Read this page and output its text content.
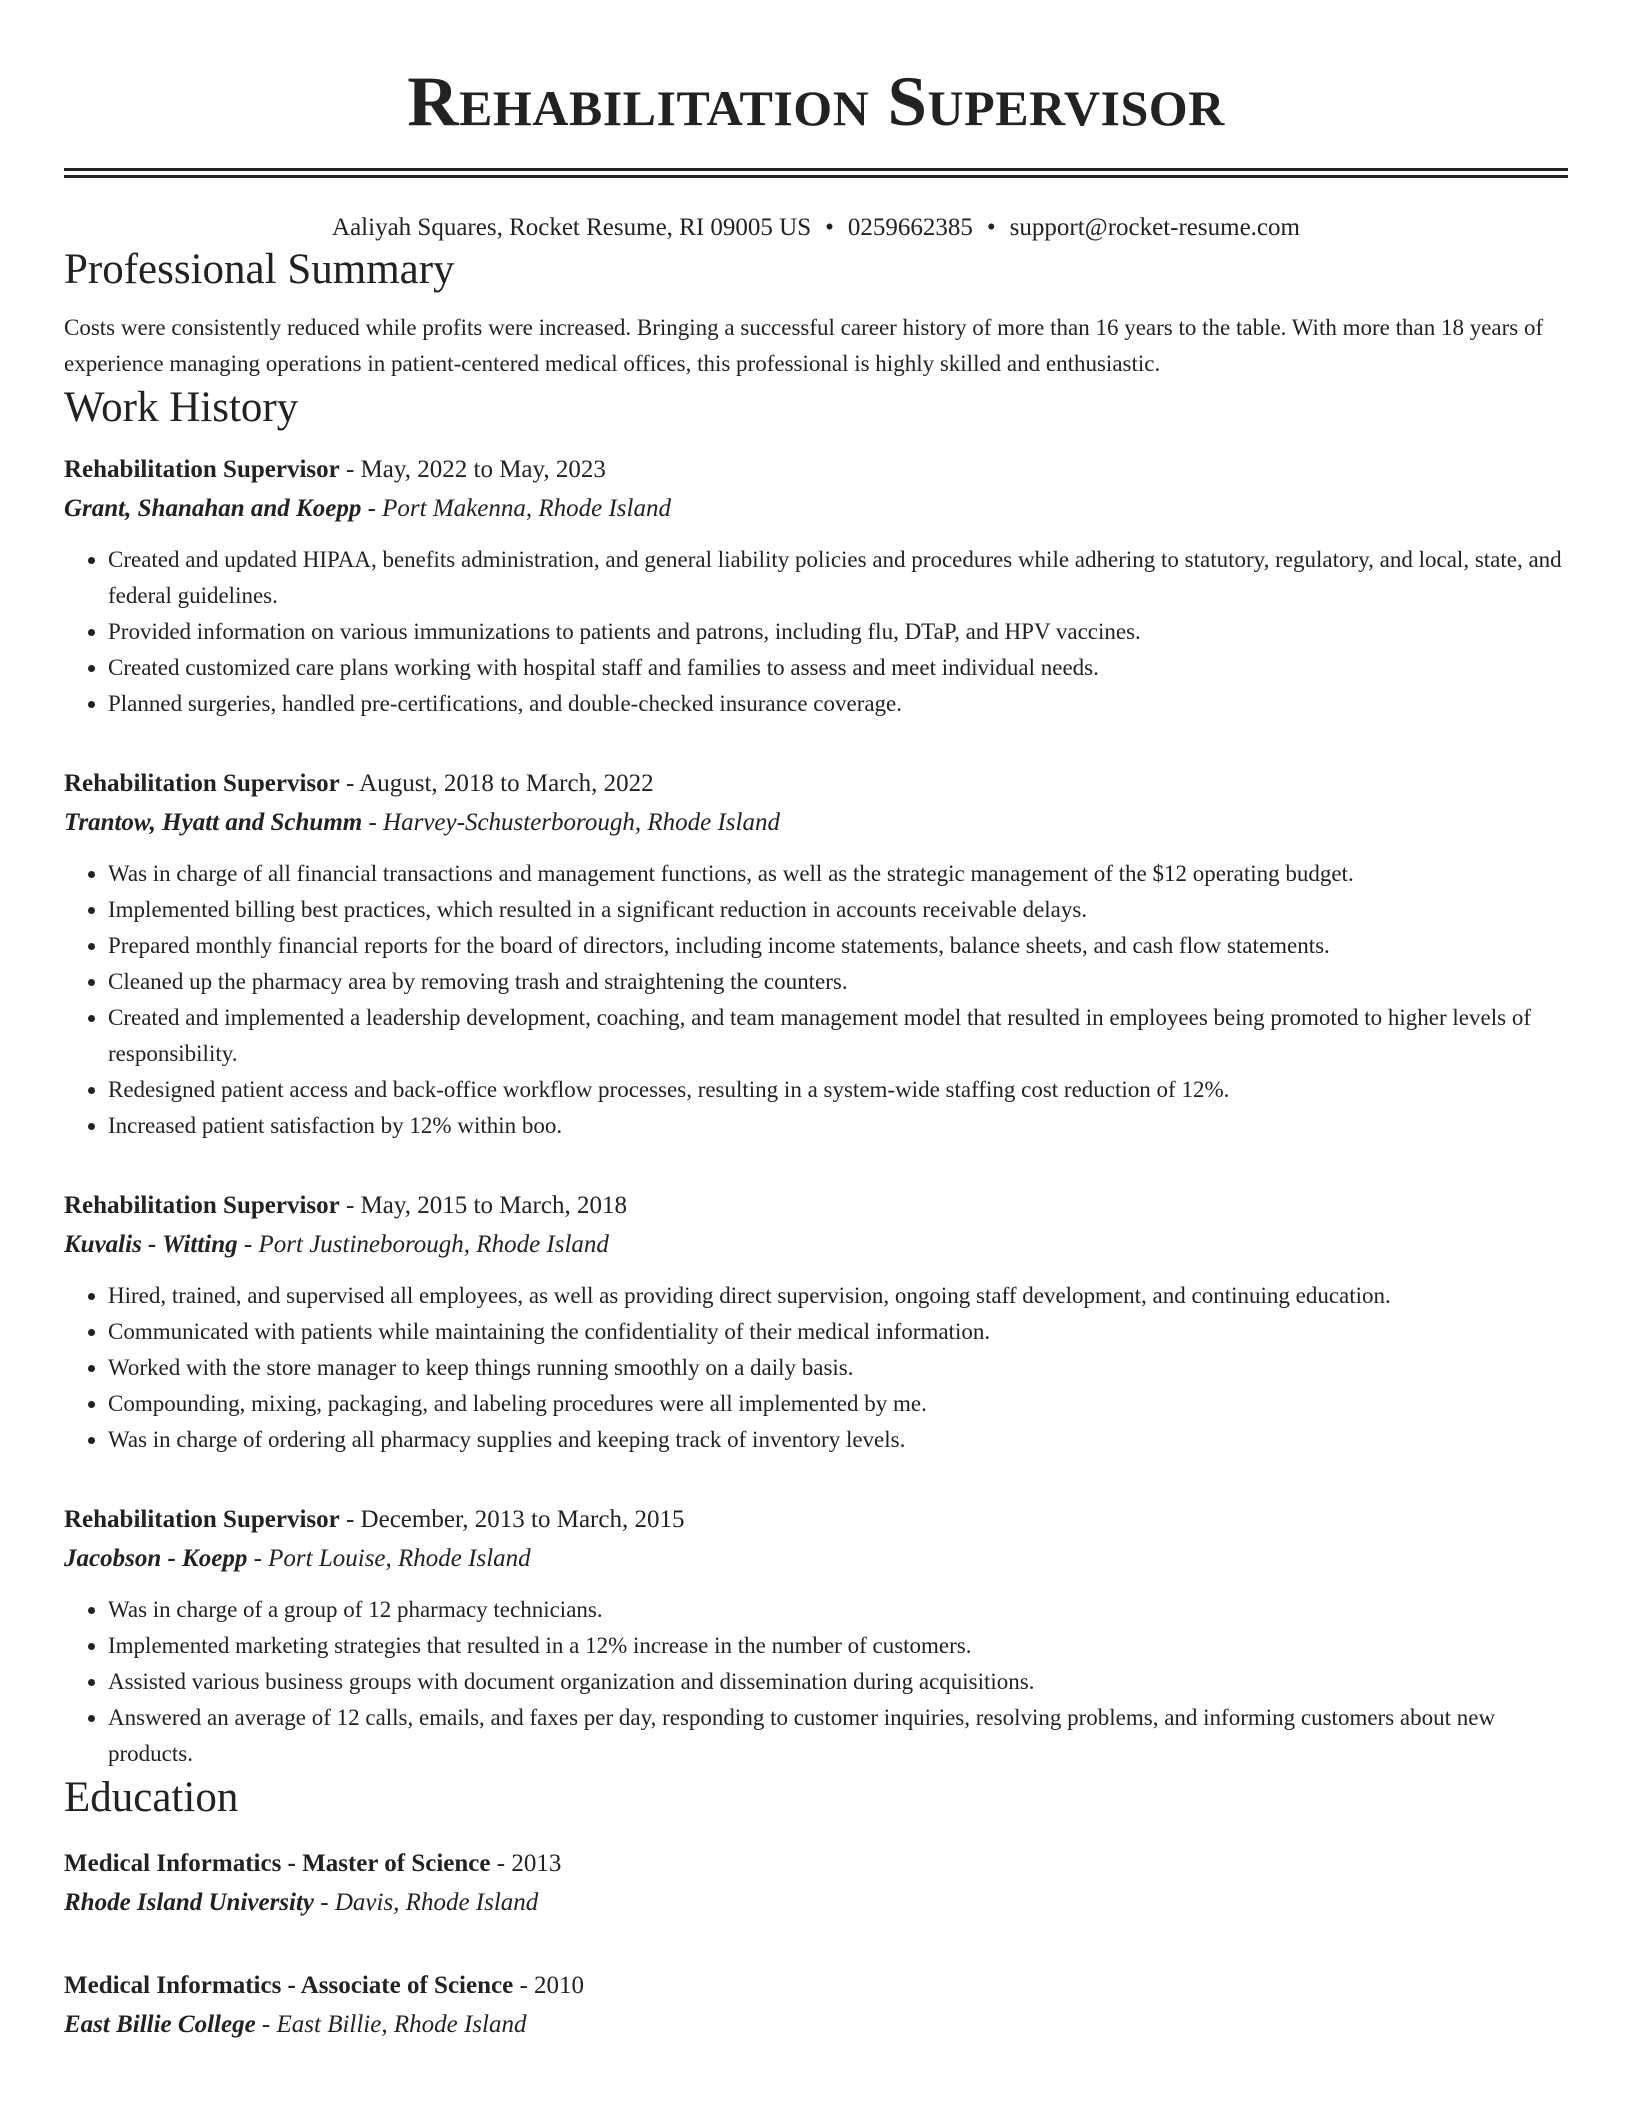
Rehabilitation Supervisor
Aaliyah Squares, Rocket Resume, RI 09005 US • 0259662385 • support@rocket-resume.com
Professional Summary
Costs were consistently reduced while profits were increased. Bringing a successful career history of more than 16 years to the table. With more than 18 years of experience managing operations in patient-centered medical offices, this professional is highly skilled and enthusiastic.
Work History
Rehabilitation Supervisor - May, 2022 to May, 2023
Grant, Shanahan and Koepp - Port Makenna, Rhode Island
• Created and updated HIPAA, benefits administration, and general liability policies and procedures while adhering to statutory, regulatory, and local, state, and federal guidelines.
• Provided information on various immunizations to patients and patrons, including flu, DTaP, and HPV vaccines.
• Created customized care plans working with hospital staff and families to assess and meet individual needs.
• Planned surgeries, handled pre-certifications, and double-checked insurance coverage.
Rehabilitation Supervisor - August, 2018 to March, 2022
Trantow, Hyatt and Schumm - Harvey-Schusterborough, Rhode Island
• Was in charge of all financial transactions and management functions, as well as the strategic management of the $12 operating budget.
• Implemented billing best practices, which resulted in a significant reduction in accounts receivable delays.
• Prepared monthly financial reports for the board of directors, including income statements, balance sheets, and cash flow statements.
• Cleaned up the pharmacy area by removing trash and straightening the counters.
• Created and implemented a leadership development, coaching, and team management model that resulted in employees being promoted to higher levels of responsibility.
• Redesigned patient access and back-office workflow processes, resulting in a system-wide staffing cost reduction of 12%.
• Increased patient satisfaction by 12% within boo.
Rehabilitation Supervisor - May, 2015 to March, 2018
Kuvalis - Witting - Port Justineborough, Rhode Island
• Hired, trained, and supervised all employees, as well as providing direct supervision, ongoing staff development, and continuing education.
• Communicated with patients while maintaining the confidentiality of their medical information.
• Worked with the store manager to keep things running smoothly on a daily basis.
• Compounding, mixing, packaging, and labeling procedures were all implemented by me.
• Was in charge of ordering all pharmacy supplies and keeping track of inventory levels.
Rehabilitation Supervisor - December, 2013 to March, 2015
Jacobson - Koepp - Port Louise, Rhode Island
• Was in charge of a group of 12 pharmacy technicians.
• Implemented marketing strategies that resulted in a 12% increase in the number of customers.
• Assisted various business groups with document organization and dissemination during acquisitions.
• Answered an average of 12 calls, emails, and faxes per day, responding to customer inquiries, resolving problems, and informing customers about new products.
Education
Medical Informatics - Master of Science - 2013
Rhode Island University - Davis, Rhode Island
Medical Informatics - Associate of Science - 2010
East Billie College - East Billie, Rhode Island
